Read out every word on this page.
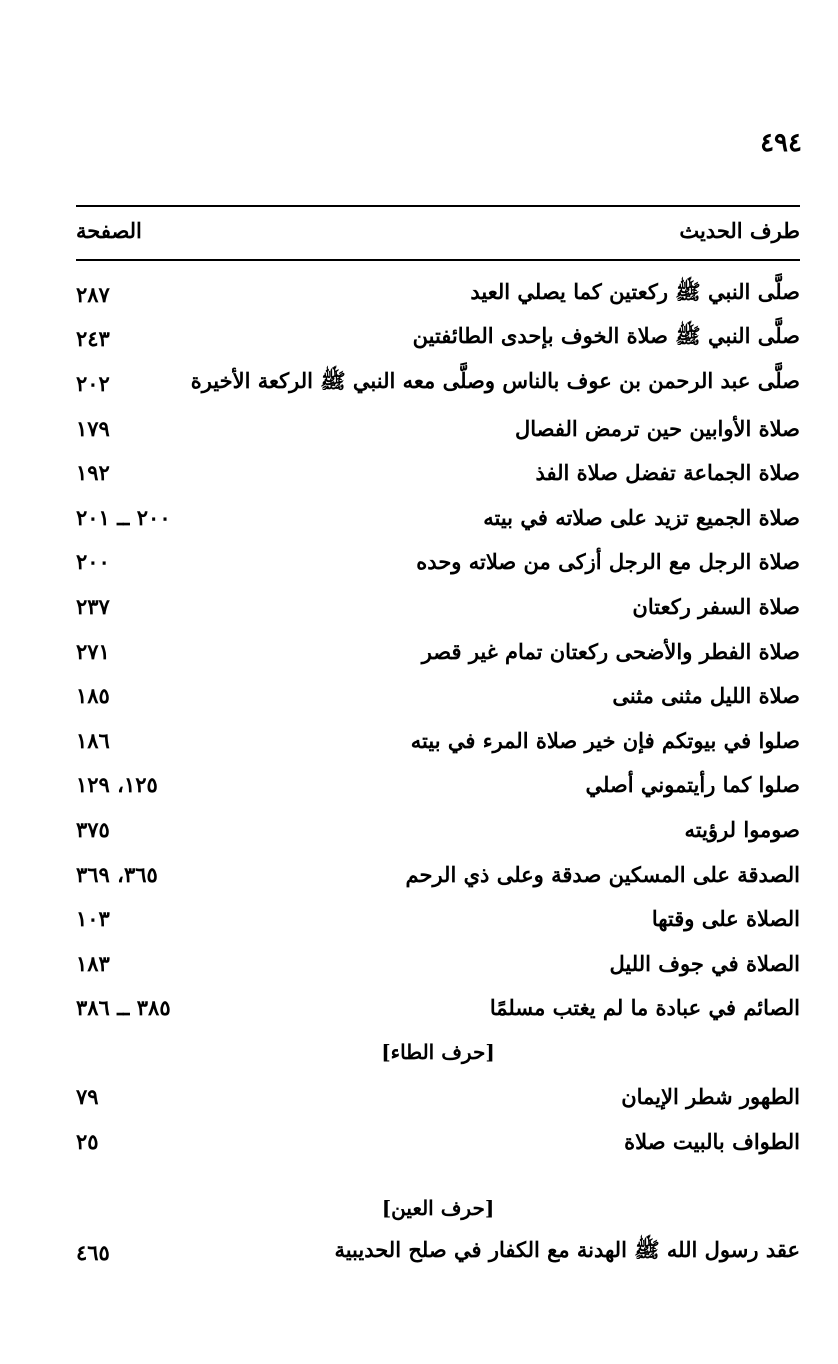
٤٩٤
طرف الحديث
الصفحة
صلَّى النبي ﷺ ركعتين كما يصلي العيد
٢٨٧
صلَّى النبي ﷺ صلاة الخوف بإحدى الطائفتين
٢٤٣
صلَّى عبد الرحمن بن عوف بالناس وصلَّى معه النبي ﷺ الركعة الأخيرة
٢٠٢
صلاة الأوابين حين ترمض الفصال
١٧٩
صلاة الجماعة تفضل صلاة الفذ
١٩٢
صلاة الجميع تزيد على صلاته في بيته
٢٠٠ ــ ٢٠١
صلاة الرجل مع الرجل أزكى من صلاته وحده
٢٠٠
صلاة السفر ركعتان
٢٣٧
صلاة الفطر والأضحى ركعتان تمام غير قصر
٢٧١
صلاة الليل مثنى مثنى
١٨٥
صلوا في بيوتكم فإن خير صلاة المرء في بيته
١٨٦
صلوا كما رأيتموني أصلي
١٢٥، ١٢٩
صوموا لرؤيته
٣٧٥
الصدقة على المسكين صدقة وعلى ذي الرحم
٣٦٥، ٣٦٩
الصلاة على وقتها
١٠٣
الصلاة في جوف الليل
١٨٣
الصائم في عبادة ما لم يغتب مسلمًا
٣٨٥ ــ ٣٨٦
[حرف الطاء]
الطهور شطر الإيمان
٧٩
الطواف بالبيت صلاة
٢٥
[حرف العين]
عقد رسول الله ﷺ الهدنة مع الكفار في صلح الحديبية
٤٦٥
